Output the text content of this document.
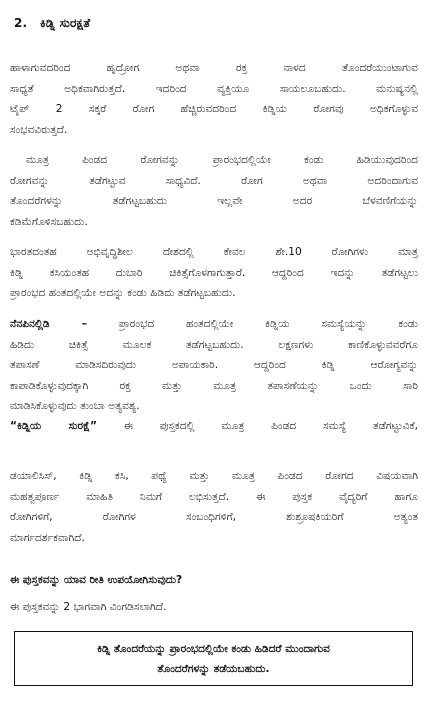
2. ಕಿಡ್ನಿ ಸುರಕ್ಷತೆ
ಹಾಳಾಗುವದರಿಂದ ಹೃದ್ರೋಗ ಅಥವಾ ರಕ್ತ ನಾಳದ ತೊಂದರೆಯುಂಟಾಗುವ
ಸಾಧ್ಯತೆ ಅಧಿಕವಾಗಿರುತ್ತದೆ. ಇದರಿಂದ ವ್ಯಕ್ತಿಯೂ ಸಾಯಲೂಬಹುದು. ಮನುಷ್ಯನಲ್ಲಿ
ಟೈಪ್ 2 ಸಕ್ಕರೆ ರೋಗ ಹೆಚ್ಚಿರುವದರಿಂದ ಕಿಡ್ನಿಯ ರೋಗವು ಅಧಿಕಗೊಳ್ಳುವ
ಸಂಭವವಿರುತ್ತದೆ.
ಮೂತ್ರ ಪಿಂಡದ ರೋಗವನ್ನು ಪ್ರಾರಂಭದಲ್ಲಿಯೇ ಕಂಡು ಹಿಡಿಯುವುದರಿಂದ
ರೋಗವನ್ನು ತಡೆಗಟ್ಟುವ ಸಾಧ್ಯವಿದೆ. ರೋಗ ಅಥವಾ ಅದರಿಂದಾಗುವ
ತೊಂದರೆಗಳನ್ನು ತಡೆಗಟ್ಟಬಹುದು ಇಲ್ಲವೇ ಅದರ ಬೆಳವಣಿಗೆಯನ್ನು
ಕಡಿಮೆಗೊಳಿಸಬಹುದು.
ಭಾರತದಂತಹ ಅಭಿವೃದ್ಧಿಶೀಲ ದೇಶದಲ್ಲಿ ಕೇವಲ ಶೇ.10 ರೋಗಿಗಳು ಮಾತ್ರ
ಕಿಡ್ನಿ ಕಸಿಯಂತಹ ದುಬಾರಿ ಚಿಕಿತ್ಸೆಗೊಳಗಾಗುತ್ತಾರೆ. ಆದ್ದರಿಂದ ಇದನ್ನು ತಡೆಗಟ್ಟಲು
ಪ್ರಾರಂಭದ ಹಂತದಲ್ಲಿಯೇ ಅದನ್ನು ಕಂಡು ಹಿಡಿದು ತಡೆಗಟ್ಟಬಹುದು.
ನೆನಪಿನಲ್ಲಿಡಿ – ಪ್ರಾರಂಭದ ಹಂತದಲ್ಲಿಯೇ ಕಿಡ್ನಿಯ ಸಮಸ್ಯೆಯನ್ನು ಕಂಡು
ಹಿಡಿದು ಚಿಕಿತ್ಸೆ ಮೂಲಕ ತಡೆಗಟ್ಟಬಹುದು. ಲಕ್ಷಣಗಳು ಕಾಣಿಕೊಳ್ಳುವವರೆಗೂ
ತಪಾಸಣೆ ಮಾಡಿಸದಿರುವುದು ಅಪಾಯಕಾರಿ. ಆದ್ದರಿಂದ ಕಿಡ್ನಿ ಆರೋಗ್ಯವನ್ನು
ಕಾಪಾಡಿಕೊಳ್ಳುವುದಕ್ಕಾಗಿ ರಕ್ತ ಮತ್ತು ಮೂತ್ರ ತಪಾಸಣೆಯನ್ನು ಒಂದು ಸಾರಿ
ಮಾಡಿಸಿಕೊಳ್ಳುವುದು ತುಂಬಾ ಅತ್ಯವಶ್ಯ.
“ಕಿಡ್ನಿಯ ಸುರಕ್ಷೆ” ಈ ಪುಸ್ತಕದಲ್ಲಿ ಮೂತ್ರ ಪಿಂಡದ ಸಮಸ್ಯೆ ತಡೆಗಟ್ಟುವಿಕೆ,
ಡಯಾಲಿಸಿಸ್, ಕಿಡ್ನಿ ಕಸಿ, ಪಥ್ಯೆ ಮತ್ತು ಮೂತ್ರ ಪಿಂಡದ ರೋಗದ ವಿಷಯವಾಗಿ
ಮಹತ್ವಪೂರ್ಣ ಮಾಹಿತಿ ನಿಮಗೆ ಲಭಿಸುತ್ತದೆ. ಈ ಪುಸ್ತಕ ವೈದ್ಯರಿಗೆ ಹಾಗೂ
ರೋಗಿಗಳಿಗೆ, ರೋಗಿಗಳ ಸಂಬಂಧಿಗಳಿಗೆ, ಶುಶ್ರೂಷಕಿಯರಿಗೆ ಅತ್ಯಂತ
ಮಾರ್ಗದರ್ಶಕವಾಗಿದೆ.
ಈ ಪುಸ್ತಕವನ್ನು ಯಾವ ರೀತಿ ಉಪಯೋಗಿಸುವುದು?
ಈ ಪುಸ್ತಕವನ್ನು 2 ಭಾಗವಾಗಿ ವಿಂಗಡಿಸಲಾಗಿದೆ.
ಕಿಡ್ನಿ ತೊಂದರೆಯನ್ನು ಪ್ರಾರಂಭದಲ್ಲಿಯೇ ಕಂಡು ಹಿಡಿದರೆ ಮುಂದಾಗುವ
ತೊಂದರೆಗಳನ್ನು ತಡೆಯಬಹುದು.
